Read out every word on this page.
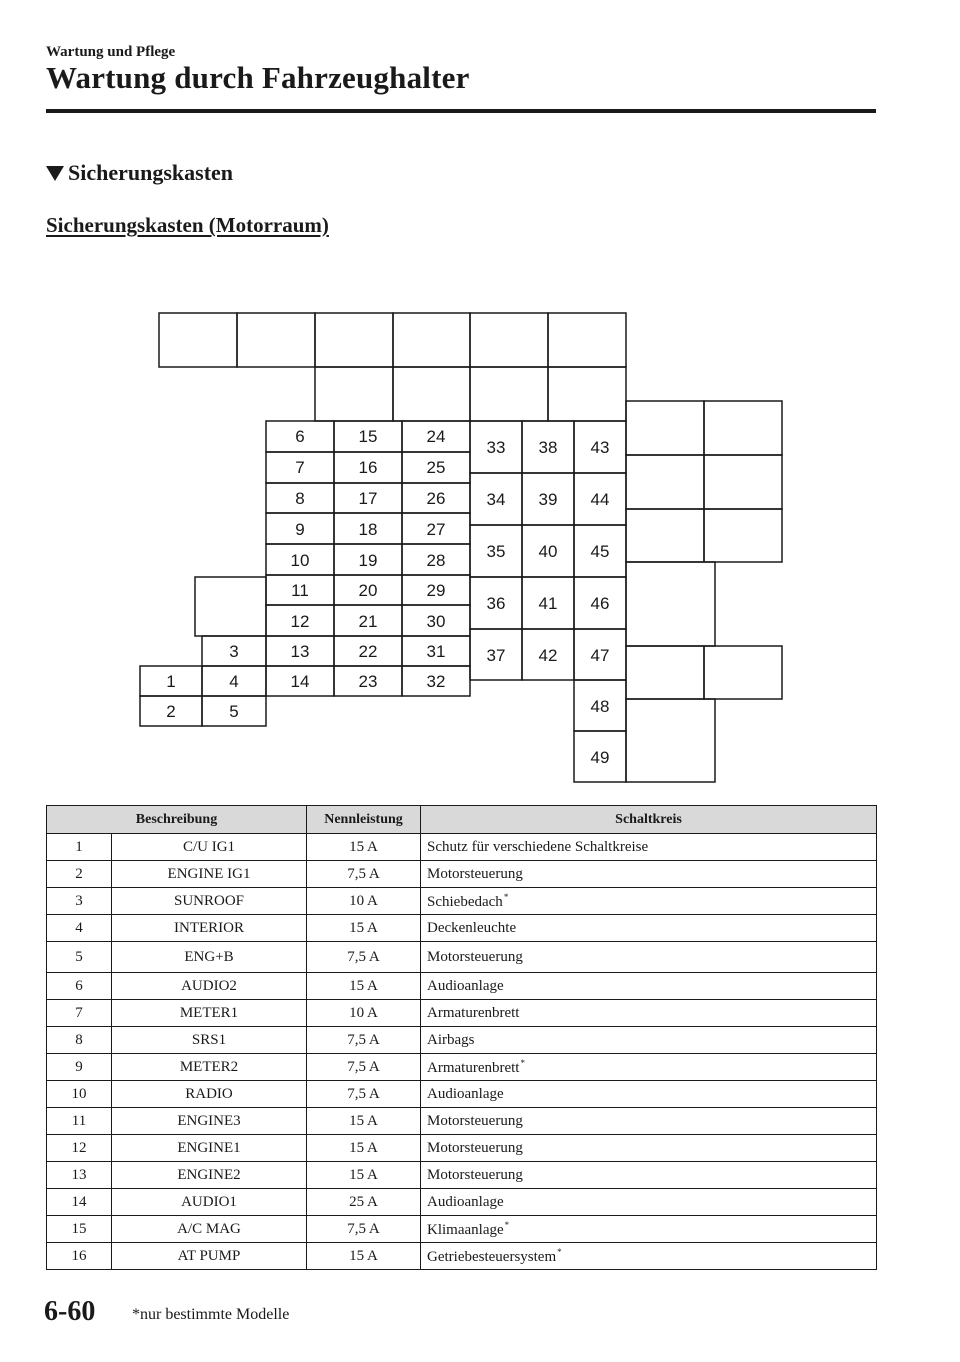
Wartung und Pflege
Wartung durch Fahrzeughalter
Sicherungskasten
Sicherungskasten (Motorraum)
1
2
3
4
5
6
7
8
9
10
11
12
13
14
15
16
17
18
19
20
21
22
23
24
25
26
27
28
29
30
31
32
33
34
35
36
37
38
39
40
41
42
43
44
45
46
47
48
49
Beschreibung		Nennleistung	Schaltkreis
1	C/U IG1	15 A	Schutz für verschiedene Schaltkreise
2	ENGINE IG1	7,5 A	Motorsteuerung
3	SUNROOF	10 A	Schiebedach*
4	INTERIOR	15 A	Deckenleuchte
5	ENG+B	7,5 A	Motorsteuerung
6	AUDIO2	15 A	Audioanlage
7	METER1	10 A	Armaturenbrett
8	SRS1	7,5 A	Airbags
9	METER2	7,5 A	Armaturenbrett*
10	RADIO	7,5 A	Audioanlage
11	ENGINE3	15 A	Motorsteuerung
12	ENGINE1	15 A	Motorsteuerung
13	ENGINE2	15 A	Motorsteuerung
14	AUDIO1	25 A	Audioanlage
15	A/C MAG	7,5 A	Klimaanlage*
16	AT PUMP	15 A	Getriebesteuersystem*
6-60 *nur bestimmte Modelle
